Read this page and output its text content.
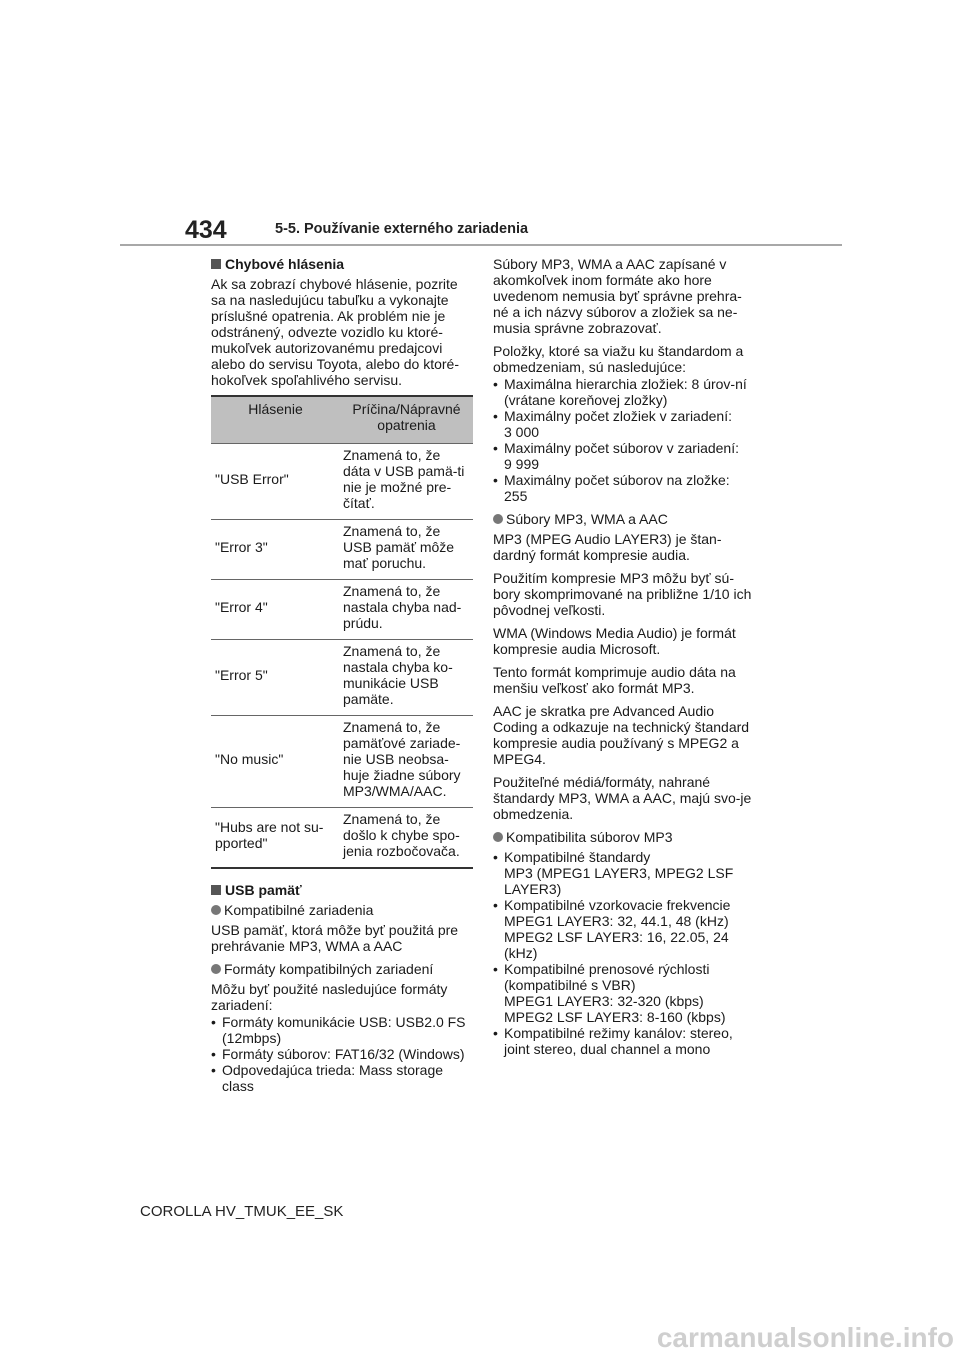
434	5-5. Používanie externého zariadenia
Chybové hlásenia

Ak sa zobrazí chybové hlásenie, pozrite sa na nasledujúcu tabuľku a vykonajte príslušné opatrenia. Ak problém nie je odstránený, odvezte vozidlo ku ktoré-mukoľvek autorizovanému predajcovi alebo do servisu Toyota, alebo do ktoré-hokoľvek spoľahlivého servisu.

Hlásenie	Príčina/Nápravné opatrenia
"USB Error"	Znamená to, že dáta v USB pamä-ti nie je možné pre-čítať.
"Error 3"	Znamená to, že USB pamäť môže mať poruchu.
"Error 4"	Znamená to, že nastala chyba nad-prúdu.
"Error 5"	Znamená to, že nastala chyba ko-munikácie USB pamäte.
"No music"	Znamená to, že pamäťové zariade-nie USB neobsa-huje žiadne súbory MP3/WMA/AAC.
"Hubs are not su-pported"	Znamená to, že došlo k chybe spo-jenia rozbočovača.
USB pamäť
Kompatibilné zariadenia

USB pamäť, ktorá môže byť použitá pre prehrávanie MP3, WMA a AAC

Formáty kompatibilných zariadení

Môžu byť použité nasledujúce formáty zariadení:

• Formáty komunikácie USB: USB2.0 FS (12mbps)
• Formáty súborov: FAT16/32 (Windows)
• Odpovedajúca trieda: Mass storage class

Súbory MP3, WMA a AAC zapísané v akomkoľvek inom formáte ako hore uvedenom nemusia byť správne prehra-né a ich názvy súborov a zložiek sa ne-musia správne zobrazovať.

Položky, ktoré sa viažu ku štandardom a obmedzeniam, sú nasledujúce:

• Maximálna hierarchia zložiek: 8 úrov-ní (vrátane koreňovej zložky)
• Maximálny počet zložiek v zariadení:
3 000
• Maximálny počet súborov v zariadení:
9 999
• Maximálny počet súborov na zložke:
255
Súbory MP3, WMA a AAC

MP3 (MPEG Audio LAYER3) je štan-dardný formát kompresie audia.

Použitím kompresie MP3 môžu byť sú-bory skomprimované na približne 1/10 ich pôvodnej veľkosti.

WMA (Windows Media Audio) je formát kompresie audia Microsoft.

Tento formát komprimuje audio dáta na menšiu veľkosť ako formát MP3.

AAC je skratka pre Advanced Audio Coding a odkazuje na technický štandard kompresie audia používaný s MPEG2 a MPEG4.

Použiteľné médiá/formáty, nahrané štandardy MP3, WMA a AAC, majú svo-je obmedzenia.

Kompatibilita súborov MP3
• Kompatibilné štandardy
MP3 (MPEG1 LAYER3, MPEG2 LSF LAYER3)
• Kompatibilné vzorkovacie frekvencie
MPEG1 LAYER3: 32, 44.1, 48 (kHz)
MPEG2 LSF LAYER3: 16, 22.05, 24 (kHz)
• Kompatibilné prenosové rýchlosti (kompatibilné s VBR)
MPEG1 LAYER3: 32-320 (kbps)
MPEG2 LSF LAYER3: 8-160 (kbps)
• Kompatibilné režimy kanálov: stereo, joint stereo, dual channel a mono
COROLLA HV_TMUK_EE_SK
carmanualsonline.info
